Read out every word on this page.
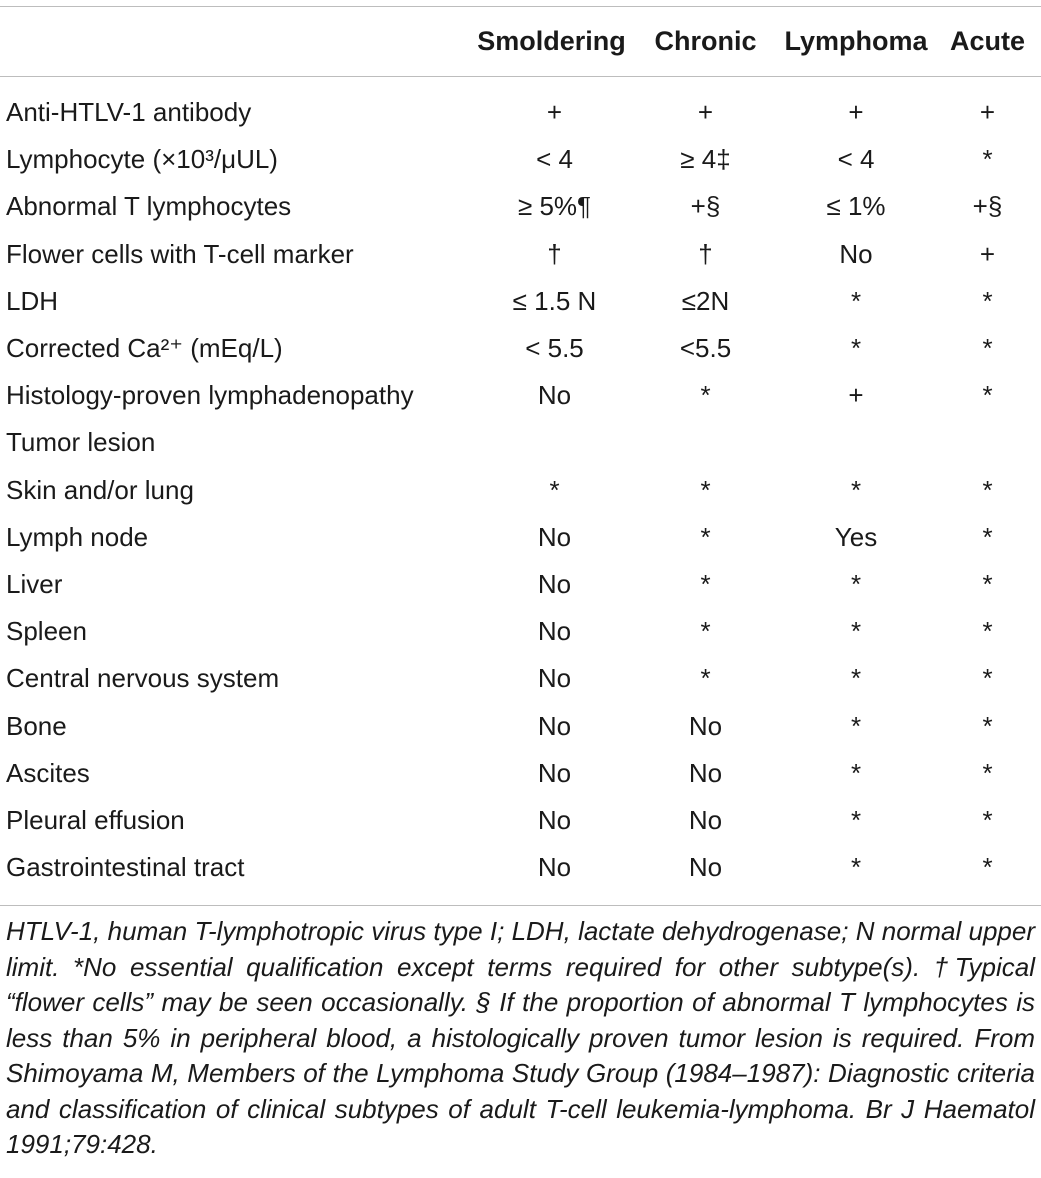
	Smoldering	Chronic	Lymphoma	Acute
Anti-HTLV-1 antibody	+	+	+	+
Lymphocyte (×10³/μUL)	< 4	≥ 4‡	< 4	*
Abnormal T lymphocytes	≥ 5%¶	+§	≤ 1%	+§
Flower cells with T-cell marker	†	†	No	+
LDH	≤ 1.5 N	≤2N	*	*
Corrected Ca²⁺ (mEq/L)	< 5.5	<5.5	*	*
Histology-proven lymphadenopathy	No	*	+	*
Tumor lesion				
Skin and/or lung	*	*	*	*
Lymph node	No	*	Yes	*
Liver	No	*	*	*
Spleen	No	*	*	*
Central nervous system	No	*	*	*
Bone	No	No	*	*
Ascites	No	No	*	*
Pleural effusion	No	No	*	*
Gastrointestinal tract	No	No	*	*
HTLV-1, human T-lymphotropic virus type I; LDH, lactate dehydrogenase; N normal upper limit. *No essential qualification except terms required for other subtype(s). †Typical “flower cells” may be seen occasionally. § If the proportion of abnormal T lymphocytes is less than 5% in peripheral blood, a histologically proven tumor lesion is required. From Shimoyama M, Members of the Lymphoma Study Group (1984–1987): Diagnostic criteria and classification of clinical subtypes of adult T-cell leukemia-lymphoma. Br J Haematol 1991;79:428.
